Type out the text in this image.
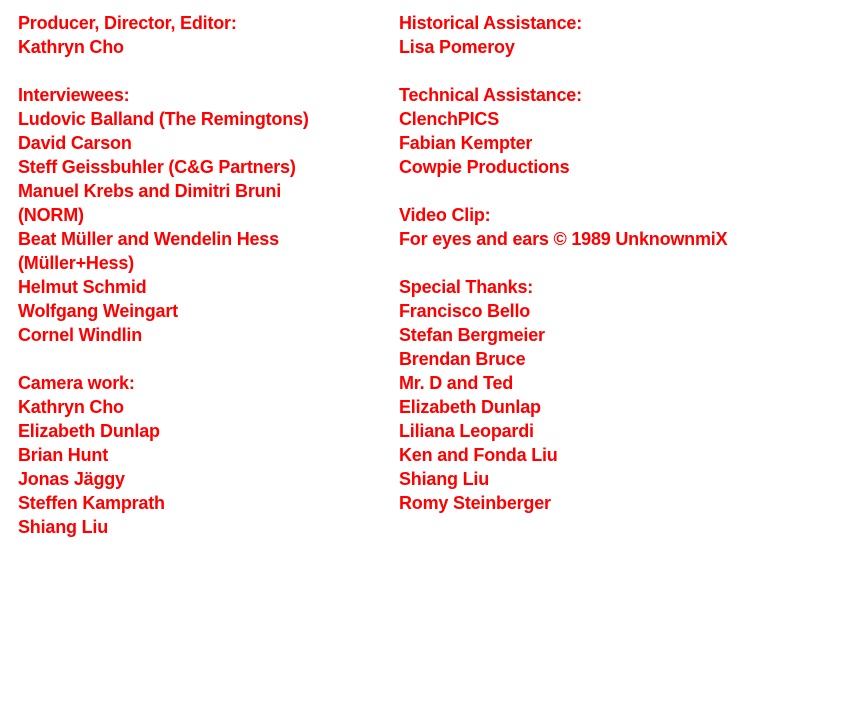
Producer, Director, Editor:
Kathryn Cho
Interviewees:
Ludovic Balland (The Remingtons)
David Carson
Steff Geissbuhler (C&G Partners)
Manuel Krebs and Dimitri Bruni
(NORM)
Beat Müller and Wendelin Hess
(Müller+Hess)
Helmut Schmid
Wolfgang Weingart
Cornel Windlin
Camera work:
Kathryn Cho
Elizabeth Dunlap
Brian Hunt
Jonas Jäggy
Steffen Kamprath
Shiang Liu
Historical Assistance:
Lisa Pomeroy
Technical Assistance:
ClenchPICS
Fabian Kempter
Cowpie Productions
Video Clip:
For eyes and ears © 1989 UnknownmiX
Special Thanks:
Francisco Bello
Stefan Bergmeier
Brendan Bruce
Mr. D and Ted
Elizabeth Dunlap
Liliana Leopardi
Ken and Fonda Liu
Shiang Liu
Romy Steinberger
